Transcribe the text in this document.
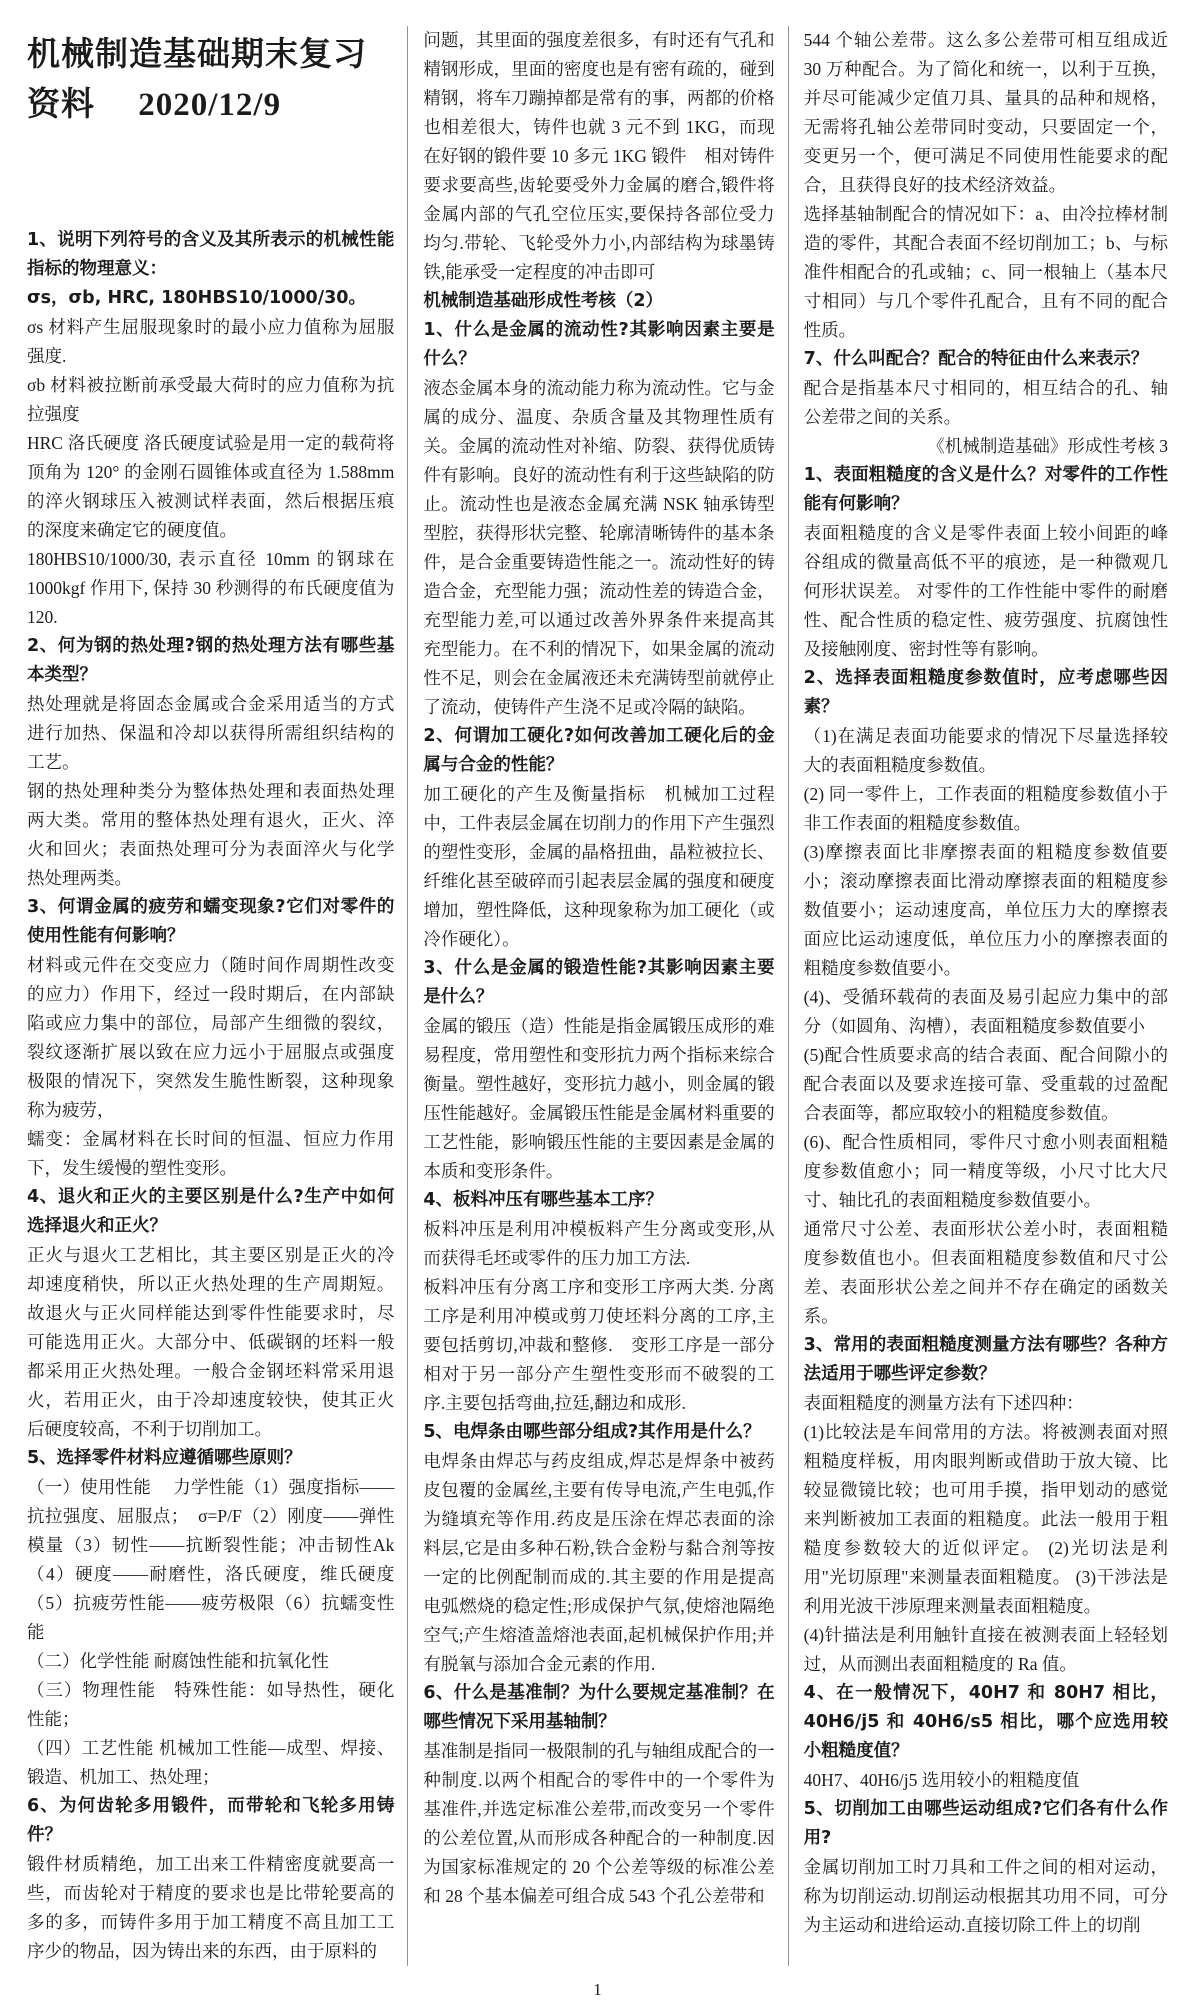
机械制造基础期末复习资料　 2020/12/9
1、说明下列符号的含义及其所表示的机械性能指标的物理意义：
σs，σb, HRC, 180HBS10/1000/30。
σs 材料产生屈服现象时的最小应力值称为屈服强度.
σb 材料被拉断前承受最大荷时的应力值称为抗拉强度
HRC 洛氏硬度 洛氏硬度试验是用一定的载荷将顶角为 120° 的金刚石圆锥体或直径为 1.588mm 的淬火钢球压入被测试样表面，然后根据压痕的深度来确定它的硬度值。
180HBS10/1000/30, 表示直径 10mm 的钢球在 1000kgf 作用下, 保持 30 秒测得的布氏硬度值为 120.
2、何为钢的热处理?钢的热处理方法有哪些基本类型？
热处理就是将固态金属或合金采用适当的方式进行加热、保温和冷却以获得所需组织结构的工艺。
钢的热处理种类分为整体热处理和表面热处理两大类。常用的整体热处理有退火，正火、淬火和回火；表面热处理可分为表面淬火与化学热处理两类。
3、何谓金属的疲劳和蠕变现象?它们对零件的使用性能有何影响？
材料或元件在交变应力（随时间作周期性改变的应力）作用下，经过一段时期后，在内部缺陷或应力集中的部位，局部产生细微的裂纹，裂纹逐渐扩展以致在应力远小于屈服点或强度极限的情况下，突然发生脆性断裂，这种现象称为疲劳，
蠕变：金属材料在长时间的恒温、恒应力作用下，发生缓慢的塑性变形。
4、退火和正火的主要区别是什么?生产中如何选择退火和正火？
正火与退火工艺相比，其主要区别是正火的冷却速度稍快，所以正火热处理的生产周期短。故退火与正火同样能达到零件性能要求时，尽可能选用正火。大部分中、低碳钢的坯料一般都采用正火热处理。一般合金钢坯料常采用退火，若用正火，由于冷却速度较快，使其正火后硬度较高，不利于切削加工。
5、选择零件材料应遵循哪些原则？
（一）使用性能　 力学性能（1）强度指标——抗拉强度、屈服点；　σ=P/F（2）刚度——弹性模量（3）韧性——抗断裂性能；冲击韧性Ak（4）硬度——耐磨性，洛氏硬度，维氏硬度（5）抗疲劳性能——疲劳极限（6）抗蠕变性能
（二）化学性能 耐腐蚀性能和抗氧化性
（三）物理性能　特殊性能：如导热性，硬化性能；
（四）工艺性能 机械加工性能—成型、焊接、锻造、机加工、热处理；
6、为何齿轮多用锻件，而带轮和飞轮多用铸件？
锻件材质精绝，加工出来工件精密度就要高一些，而齿轮对于精度的要求也是比带轮要高的多的多，而铸件多用于加工精度不高且加工工序少的物品，因为铸出来的东西，由于原料的
问题，其里面的强度差很多，有时还有气孔和精钢形成，里面的密度也是有密有疏的，碰到精钢，将车刀蹦掉都是常有的事，两都的价格也相差很大，铸件也就 3 元不到 1KG，而现在好钢的锻件要 10 多元 1KG 锻件　相对铸件要求要高些,齿轮要受外力金属的磨合,锻件将金属内部的气孔空位压实,要保持各部位受力均匀.带轮、飞轮受外力小,内部结构为球墨铸铁,能承受一定程度的冲击即可
机械制造基础形成性考核（2）
1、什么是金属的流动性?其影响因素主要是什么？
液态金属本身的流动能力称为流动性。它与金属的成分、温度、杂质含量及其物理性质有关。金属的流动性对补缩、防裂、获得优质铸件有影响。良好的流动性有利于这些缺陷的防止。流动性也是液态金属充满 NSK 轴承铸型型腔，获得形状完整、轮廓清晰铸件的基本条件，是合金重要铸造性能之一。流动性好的铸造合金，充型能力强；流动性差的铸造合金，充型能力差,可以通过改善外界条件来提高其充型能力。在不利的情况下，如果金属的流动性不足，则会在金属液还未充满铸型前就停止了流动，使铸件产生浇不足或冷隔的缺陷。
2、何谓加工硬化?如何改善加工硬化后的金属与合金的性能？
加工硬化的产生及衡量指标　机械加工过程中，工件表层金属在切削力的作用下产生强烈的塑性变形，金属的晶格扭曲，晶粒被拉长、纤维化甚至破碎而引起表层金属的强度和硬度增加，塑性降低，这种现象称为加工硬化（或冷作硬化）。
3、什么是金属的锻造性能?其影响因素主要是什么？
金属的锻压（造）性能是指金属锻压成形的难易程度，常用塑性和变形抗力两个指标来综合衡量。塑性越好，变形抗力越小，则金属的锻压性能越好。金属锻压性能是金属材料重要的工艺性能，影响锻压性能的主要因素是金属的本质和变形条件。
4、板料冲压有哪些基本工序？
板料冲压是利用冲模板料产生分离或变形,从而获得毛坯或零件的压力加工方法.
板料冲压有分离工序和变形工序两大类. 分离工序是利用冲模或剪刀使坯料分离的工序,主要包括剪切,冲裁和整修.　变形工序是一部分相对于另一部分产生塑性变形而不破裂的工序.主要包括弯曲,拉廷,翻边和成形.
5、电焊条由哪些部分组成?其作用是什么？
电焊条由焊芯与药皮组成,焊芯是焊条中被药皮包覆的金属丝,主要有传导电流,产生电弧,作为缝填充等作用.药皮是压涂在焊芯表面的涂料层,它是由多种石粉,铁合金粉与黏合剂等按一定的比例配制而成的.其主要的作用是提高电弧燃烧的稳定性;形成保护气氛,使熔池隔绝空气;产生熔渣盖熔池表面,起机械保护作用;并有脱氧与添加合金元素的作用.
6、什么是基准制？为什么要规定基准制？在哪些情况下采用基轴制？
基准制是指同一极限制的孔与轴组成配合的一种制度.以两个相配合的零件中的一个零件为基准件,并选定标准公差带,而改变另一个零件的公差位置,从而形成各种配合的一种制度.因为国家标准规定的 20 个公差等级的标准公差和 28 个基本偏差可组合成 543 个孔公差带和
544 个轴公差带。这么多公差带可相互组成近 30 万种配合。为了简化和统一，以利于互换，并尽可能减少定值刀具、量具的品种和规格，无需将孔轴公差带同时变动，只要固定一个，变更另一个，便可满足不同使用性能要求的配合，且获得良好的技术经济效益。
选择基轴制配合的情况如下：a、由冷拉棒材制造的零件，其配合表面不经切削加工；b、与标准件相配合的孔或轴；c、同一根轴上（基本尺寸相同）与几个零件孔配合，且有不同的配合性质。
7、什么叫配合？配合的特征由什么来表示？
配合是指基本尺寸相同的，相互结合的孔、轴公差带之间的关系。
《机械制造基础》形成性考核 3
1、表面粗糙度的含义是什么？对零件的工作性能有何影响？
表面粗糙度的含义是零件表面上较小间距的峰谷组成的微量高低不平的痕迹，是一种微观几何形状误差。 对零件的工作性能中零件的耐磨性、配合性质的稳定性、疲劳强度、抗腐蚀性及接触刚度、密封性等有影响。
2、选择表面粗糙度参数值时，应考虑哪些因素？
（1)在满足表面功能要求的情况下尽量选择较大的表面粗糙度参数值。
(2) 同一零件上，工作表面的粗糙度参数值小于非工作表面的粗糙度参数值。
(3)摩擦表面比非摩擦表面的粗糙度参数值要小；滚动摩擦表面比滑动摩擦表面的粗糙度参数值要小；运动速度高，单位压力大的摩擦表面应比运动速度低，单位压力小的摩擦表面的粗糙度参数值要小。
(4)、受循环载荷的表面及易引起应力集中的部分（如圆角、沟槽），表面粗糙度参数值要小
(5)配合性质要求高的结合表面、配合间隙小的配合表面以及要求连接可靠、受重载的过盈配合表面等，都应取较小的粗糙度参数值。
(6)、配合性质相同，零件尺寸愈小则表面粗糙度参数值愈小；同一精度等级，小尺寸比大尺寸、轴比孔的表面粗糙度参数值要小。
通常尺寸公差、表面形状公差小时，表面粗糙度参数值也小。但表面粗糙度参数值和尺寸公差、表面形状公差之间并不存在确定的函数关系。
3、常用的表面粗糙度测量方法有哪些？各种方法适用于哪些评定参数？
表面粗糙度的测量方法有下述四种：
(1)比较法是车间常用的方法。将被测表面对照粗糙度样板，用肉眼判断或借助于放大镜、比较显微镜比较；也可用手摸，指甲划动的感觉来判断被加工表面的粗糙度。此法一般用于粗糙度参数较大的近似评定。 (2)光切法是利用"光切原理"来测量表面粗糙度。 (3)干涉法是利用光波干涉原理来测量表面粗糙度。
(4)针描法是利用触针直接在被测表面上轻轻划过，从而测出表面粗糙度的 Ra 值。
4、在一般情况下，40H7 和 80H7 相比，40H6/j5 和 40H6/s5 相比，哪个应选用较小粗糙度值？
40H7、40H6/j5 选用较小的粗糙度值
5、切削加工由哪些运动组成?它们各有什么作用?
金属切削加工时刀具和工件之间的相对运动，称为切削运动.切削运动根据其功用不同，可分为主运动和进给运动.直接切除工件上的切削
1
